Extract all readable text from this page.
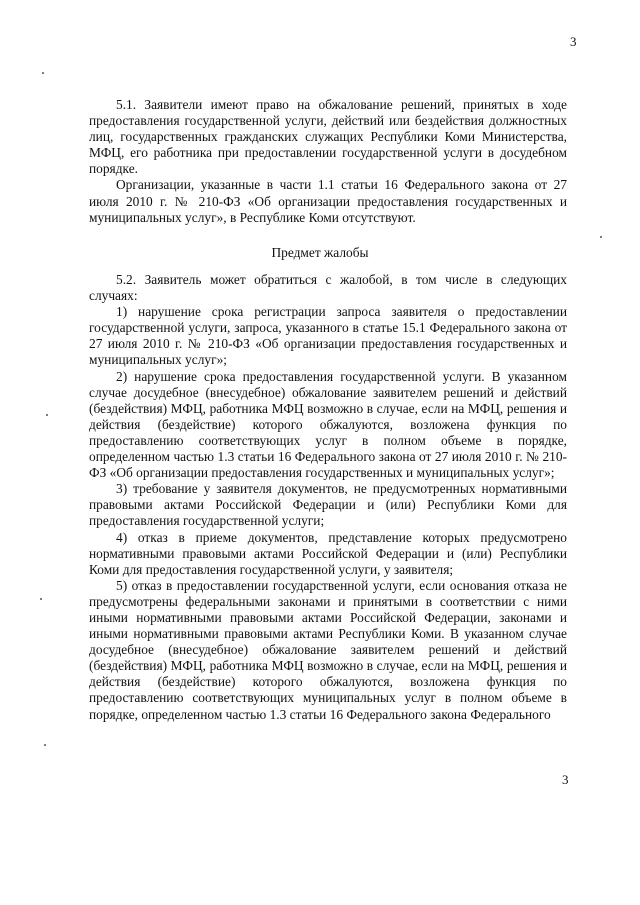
3

5.1. Заявители имеют право на обжалование решений, принятых в ходе предоставления государственной услуги, действий или бездействия должностных лиц, государственных гражданских служащих Республики Коми Министерства, МФЦ, его работника при предоставлении государственной услуги в досудебном порядке.

Организации, указанные в части 1.1 статьи 16 Федерального закона от 27 июля 2010 г. № 210-ФЗ «Об организации предоставления государственных и муниципальных услуг», в Республике Коми отсутствуют.

Предмет жалобы

5.2. Заявитель может обратиться с жалобой, в том числе в следующих случаях:

1) нарушение срока регистрации запроса заявителя о предоставлении государственной услуги, запроса, указанного в статье 15.1 Федерального закона от 27 июля 2010 г. № 210-ФЗ «Об организации предоставления государственных и муниципальных услуг»;

2) нарушение срока предоставления государственной услуги. В указанном случае досудебное (внесудебное) обжалование заявителем решений и действий (бездействия) МФЦ, работника МФЦ возможно в случае, если на МФЦ, решения и действия (бездействие) которого обжалуются, возложена функция по предоставлению соответствующих услуг в полном объеме в порядке, определенном частью 1.3 статьи 16 Федерального закона от 27 июля 2010 г. № 210-ФЗ «Об организации предоставления государственных и муниципальных услуг»;

3) требование у заявителя документов, не предусмотренных нормативными правовыми актами Российской Федерации и (или) Республики Коми для предоставления государственной услуги;

4) отказ в приеме документов, представление которых предусмотрено нормативными правовыми актами Российской Федерации и (или) Республики Коми для предоставления государственной услуги, у заявителя;

5) отказ в предоставлении государственной услуги, если основания отказа не предусмотрены федеральными законами и принятыми в соответствии с ними иными нормативными правовыми актами Российской Федерации, законами и иными нормативными правовыми актами Республики Коми. В указанном случае досудебное (внесудебное) обжалование заявителем решений и действий (бездействия) МФЦ, работника МФЦ возможно в случае, если на МФЦ, решения и действия (бездействие) которого обжалуются, возложена функция по предоставлению соответствующих муниципальных услуг в полном объеме в порядке, определенном частью 1.3 статьи 16 Федерального закона Федерального

3
